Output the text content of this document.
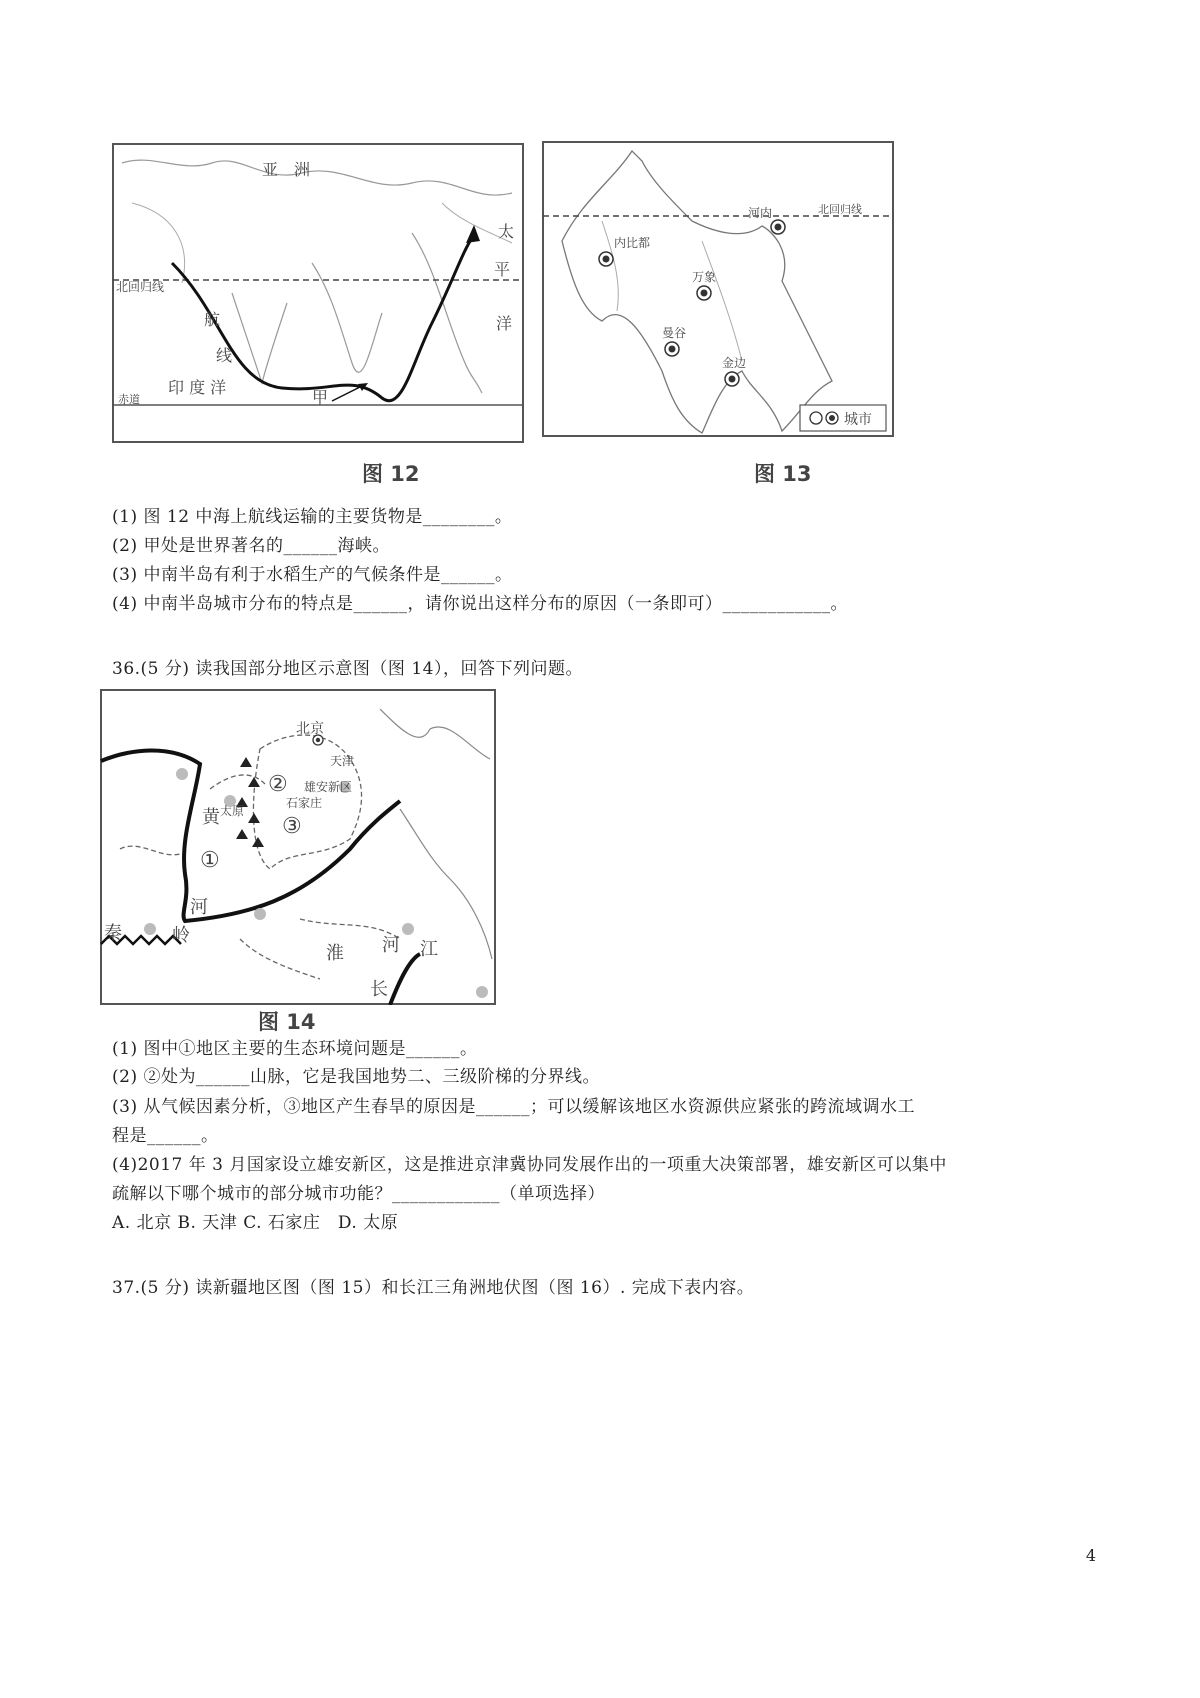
亚　洲
北回归线
太
平
洋
航
线
印 度 洋
甲
赤道
图 12
北回归线
内比都
河内
万象
曼谷
金边
城市
图 13
(1) 图 12 中海上航线运输的主要货物是________。
(2) 甲处是世界著名的______海峡。
(3) 中南半岛有利于水稻生产的气候条件是______。
(4) 中南半岛城市分布的特点是______，请你说出这样分布的原因（一条即可）____________。
36.(5 分) 读我国部分地区示意图（图 14），回答下列问题。
北京
天津
雄安新区
太原
石家庄
①
②
③
黄
河
秦	岭
淮 河 江
长
图 14
(1) 图中①地区主要的生态环境问题是______。
(2) ②处为______山脉，它是我国地势二、三级阶梯的分界线。
(3) 从气候因素分析，③地区产生春旱的原因是______；可以缓解该地区水资源供应紧张的跨流域调水工
程是______。
(4)2017 年 3 月国家设立雄安新区，这是推进京津冀协同发展作出的一项重大决策部署，雄安新区可以集中
疏解以下哪个城市的部分城市功能？____________（单项选择）
A. 北京 B. 天津 C. 石家庄　D. 太原
37.(5 分) 读新疆地区图（图 15）和长江三角洲地伏图（图 16）. 完成下表内容。
4
